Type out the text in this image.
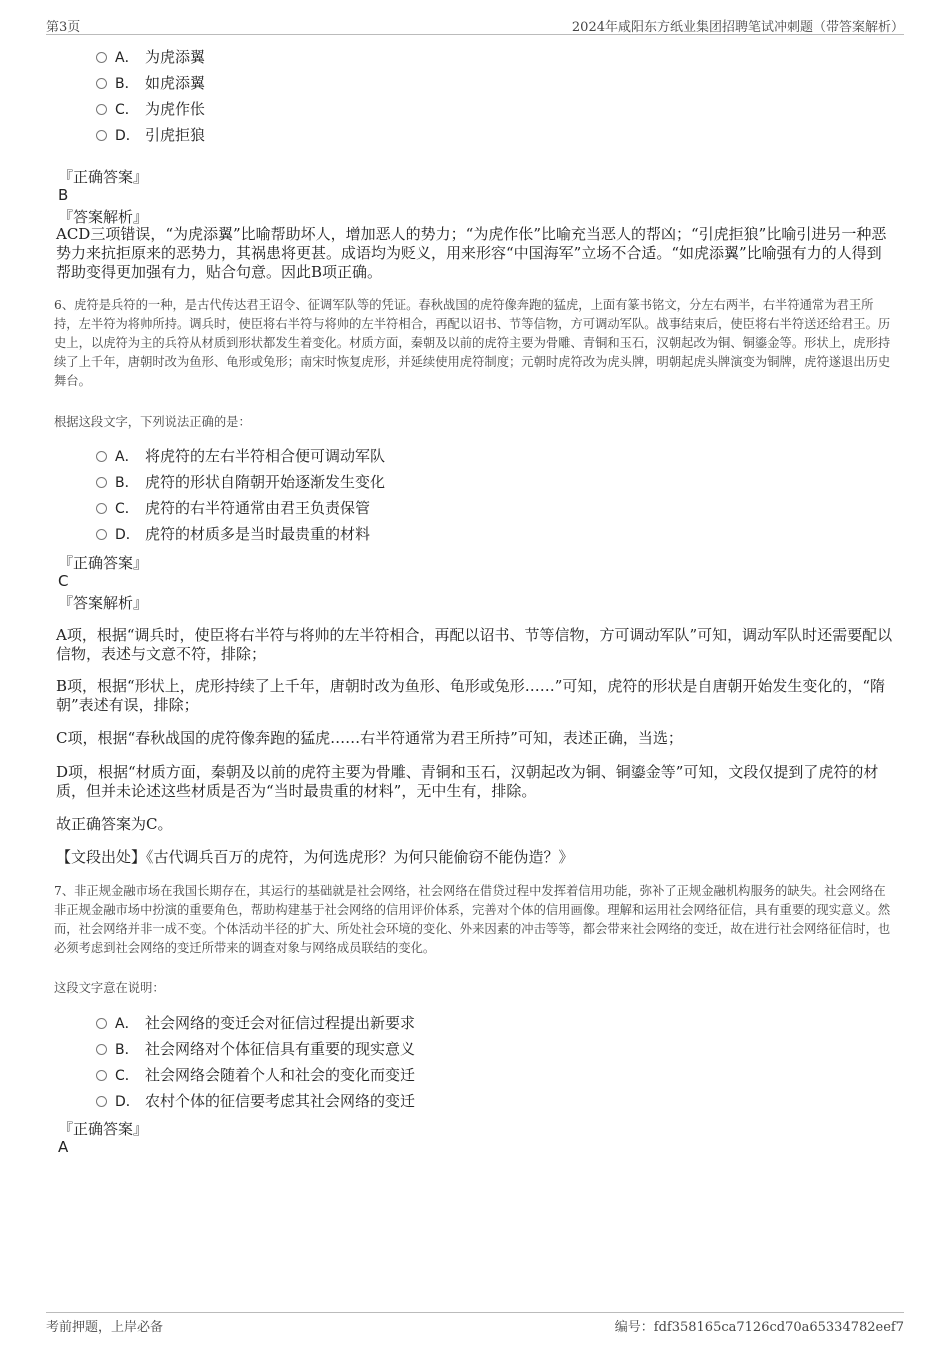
第3页	2024年咸阳东方纸业集团招聘笔试冲刺题（带答案解析）
A． 为虎添翼
B． 如虎添翼
C． 为虎作伥
D． 引虎拒狼
『正确答案』
B
『答案解析』
ACD三项错误，“为虎添翼”比喻帮助坏人，增加恶人的势力；“为虎作伥”比喻充当恶人的帮凶；“引虎拒狼”比喻引进另一种恶势力来抗拒原来的恶势力，其祸患将更甚。成语均为贬义，用来形容“中国海军”立场不合适。“如虎添翼”比喻强有力的人得到帮助变得更加强有力，贴合句意。因此B项正确。
6、虎符是兵符的一种，是古代传达君王诏令、征调军队等的凭证。春秋战国的虎符像奔跑的猛虎，上面有篆书铭文，分左右两半，右半符通常为君王所持，左半符为将帅所持。调兵时，使臣将右半符与将帅的左半符相合，再配以诏书、节等信物，方可调动军队。战事结束后，使臣将右半符送还给君王。历史上，以虎符为主的兵符从材质到形状都发生着变化。材质方面，秦朝及以前的虎符主要为骨雕、青铜和玉石，汉朝起改为铜、铜鎏金等。形状上，虎形持续了上千年，唐朝时改为鱼形、龟形或兔形；南宋时恢复虎形，并延续使用虎符制度；元朝时虎符改为虎头牌，明朝起虎头牌演变为铜牌，虎符遂退出历史舞台。
根据这段文字，下列说法正确的是：
A． 将虎符的左右半符相合便可调动军队
B． 虎符的形状自隋朝开始逐渐发生变化
C． 虎符的右半符通常由君王负责保管
D． 虎符的材质多是当时最贵重的材料
『正确答案』
C
『答案解析』
A项，根据“调兵时，使臣将右半符与将帅的左半符相合，再配以诏书、节等信物，方可调动军队”可知，调动军队时还需要配以信物，表述与文意不符，排除；
B项，根据“形状上，虎形持续了上千年，唐朝时改为鱼形、龟形或兔形……”可知，虎符的形状是自唐朝开始发生变化的，“隋朝”表述有误，排除；
C项，根据“春秋战国的虎符像奔跑的猛虎……右半符通常为君王所持”可知，表述正确，当选；
D项，根据“材质方面，秦朝及以前的虎符主要为骨雕、青铜和玉石，汉朝起改为铜、铜鎏金等”可知，文段仅提到了虎符的材质，但并未论述这些材质是否为“当时最贵重的材料”，无中生有，排除。
故正确答案为C。
【文段出处】《古代调兵百万的虎符，为何选虎形？为何只能偷窃不能伪造？》
7、非正规金融市场在我国长期存在，其运行的基础就是社会网络，社会网络在借贷过程中发挥着信用功能，弥补了正规金融机构服务的缺失。社会网络在非正规金融市场中扮演的重要角色，帮助构建基于社会网络的信用评价体系，完善对个体的信用画像。理解和运用社会网络征信，具有重要的现实意义。然而，社会网络并非一成不变。个体活动半径的扩大、所处社会环境的变化、外来因素的冲击等等，都会带来社会网络的变迁，故在进行社会网络征信时，也必须考虑到社会网络的变迁所带来的调查对象与网络成员联结的变化。
这段文字意在说明：
A． 社会网络的变迁会对征信过程提出新要求
B． 社会网络对个体征信具有重要的现实意义
C． 社会网络会随着个人和社会的变化而变迁
D． 农村个体的征信要考虑其社会网络的变迁
『正确答案』
A
考前押题，上岸必备	编号：fdf358165ca7126cd70a65334782eef7
